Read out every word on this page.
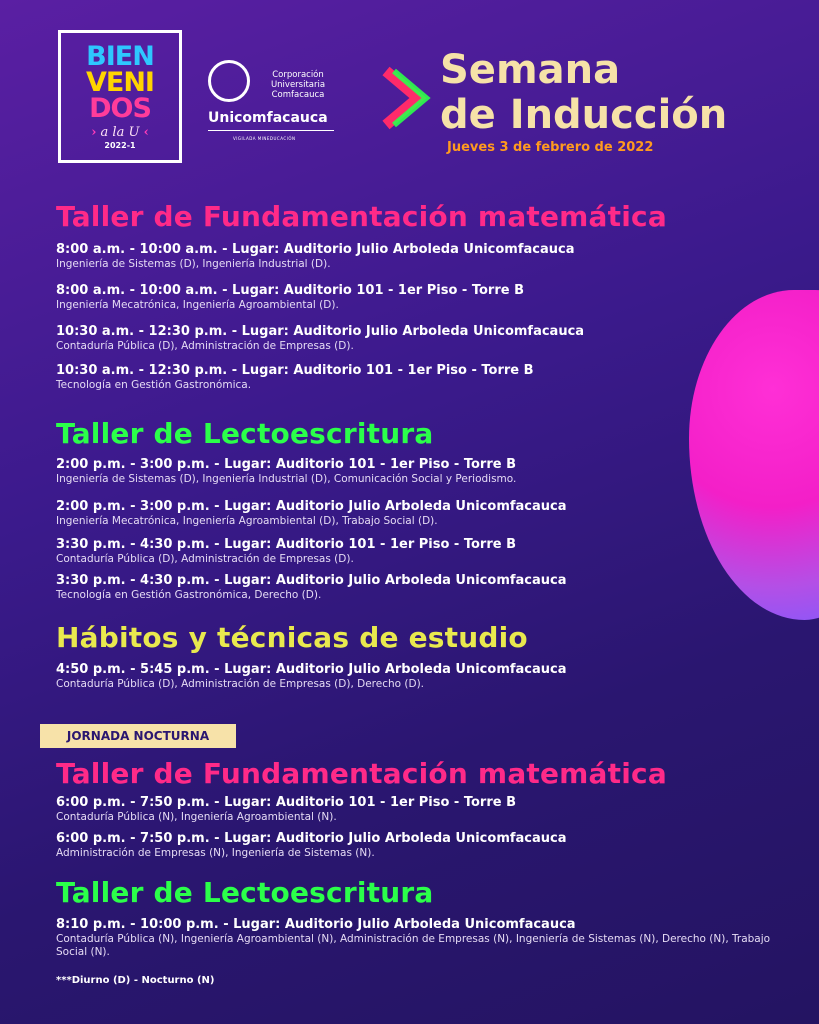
BIEN
VENI
DOS
› a la U ‹
2022-1
Corporación
Universitaria
Comfacauca
Unicomfacauca
VIGILADA MINEDUCACIÓN
Semana
de Inducción
Jueves 3 de febrero de 2022
Taller de Fundamentación matemática
8:00 a.m. - 10:00 a.m. - Lugar: Auditorio Julio Arboleda Unicomfacauca
Ingeniería de Sistemas (D), Ingeniería Industrial (D).
8:00 a.m. - 10:00 a.m. - Lugar: Auditorio 101 - 1er Piso - Torre B
Ingeniería Mecatrónica, Ingeniería Agroambiental (D).
10:30 a.m. - 12:30 p.m. - Lugar: Auditorio Julio Arboleda Unicomfacauca
Contaduría Pública (D), Administración de Empresas (D).
10:30 a.m. - 12:30 p.m. - Lugar: Auditorio 101 - 1er Piso - Torre B
Tecnología en Gestión Gastronómica.
Taller de Lectoescritura
2:00 p.m. - 3:00 p.m. - Lugar: Auditorio 101 - 1er Piso - Torre B
Ingeniería de Sistemas (D), Ingeniería Industrial (D), Comunicación Social y Periodismo.
2:00 p.m. - 3:00 p.m. - Lugar: Auditorio Julio Arboleda Unicomfacauca
Ingeniería Mecatrónica, Ingeniería Agroambiental (D), Trabajo Social (D).
3:30 p.m. - 4:30 p.m. - Lugar: Auditorio 101 - 1er Piso - Torre B
Contaduría Pública (D), Administración de Empresas (D).
3:30 p.m. - 4:30 p.m. - Lugar: Auditorio Julio Arboleda Unicomfacauca
Tecnología en Gestión Gastronómica, Derecho (D).
Hábitos y técnicas de estudio
4:50 p.m. - 5:45 p.m. - Lugar: Auditorio Julio Arboleda Unicomfacauca
Contaduría Pública (D), Administración de Empresas (D), Derecho (D).
JORNADA NOCTURNA
Taller de Fundamentación matemática
6:00 p.m. - 7:50 p.m. - Lugar: Auditorio 101 - 1er Piso - Torre B
Contaduría Pública (N), Ingeniería Agroambiental (N).
6:00 p.m. - 7:50 p.m. - Lugar: Auditorio Julio Arboleda Unicomfacauca
Administración de Empresas (N), Ingeniería de Sistemas (N).
Taller de Lectoescritura
8:10 p.m. - 10:00 p.m. - Lugar: Auditorio Julio Arboleda Unicomfacauca
Contaduría Pública (N), Ingeniería Agroambiental (N), Administración de Empresas (N), Ingeniería de Sistemas (N), Derecho (N), Trabajo Social (N).
***Diurno (D) - Nocturno (N)
